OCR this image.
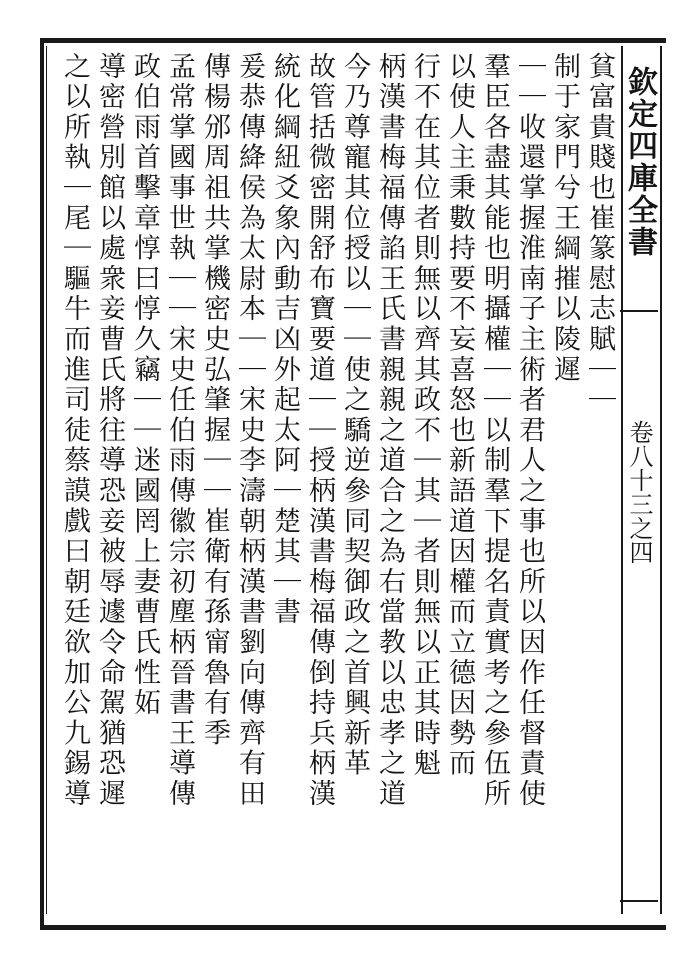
欽定四庫全書
卷八十三之四
貧富貴賤也崔篆慰志賦｜｜
制于家門兮王綱摧以陵遲
｜｜收還掌握淮南子主術者君人之事也所以因作任督責使
羣臣各盡其能也明攝權｜｜以制羣下提名責實考之參伍所
以使人主秉數持要不妄喜怒也新語道因權而立德因勢而
行不在其位者則無以齊其政不｜其｜者則無以正其時魁
柄漢書梅福傳諂王氏書親親之道合之為右當教以忠孝之道
今乃尊寵其位授以｜｜使之驕逆參同契御政之首興新革
故管括微密開舒布寶要道｜｜授柄漢書梅福傳倒持兵柄漢
統化綱紐爻象內動吉凶外起太阿｜楚其｜書
爰恭傳絳侯為太尉本｜｜宋史李濤朝柄漢書劉向傳齊有田
傳楊邠周祖共掌機密史弘肇握｜｜崔衛有孫甯魯有季
孟常掌國事世執｜｜宋史任伯雨傳徽宗初塵柄晉書王導傳
政伯雨首擊章惇曰惇久竊｜｜迷國罔上妻曹氏性妬
導密營別館以處衆妾曹氏將往導恐妾被辱遽令命駕猶恐遲
之以所執｜尾｜驅牛而進司徒蔡謨戲曰朝廷欲加公九錫導
